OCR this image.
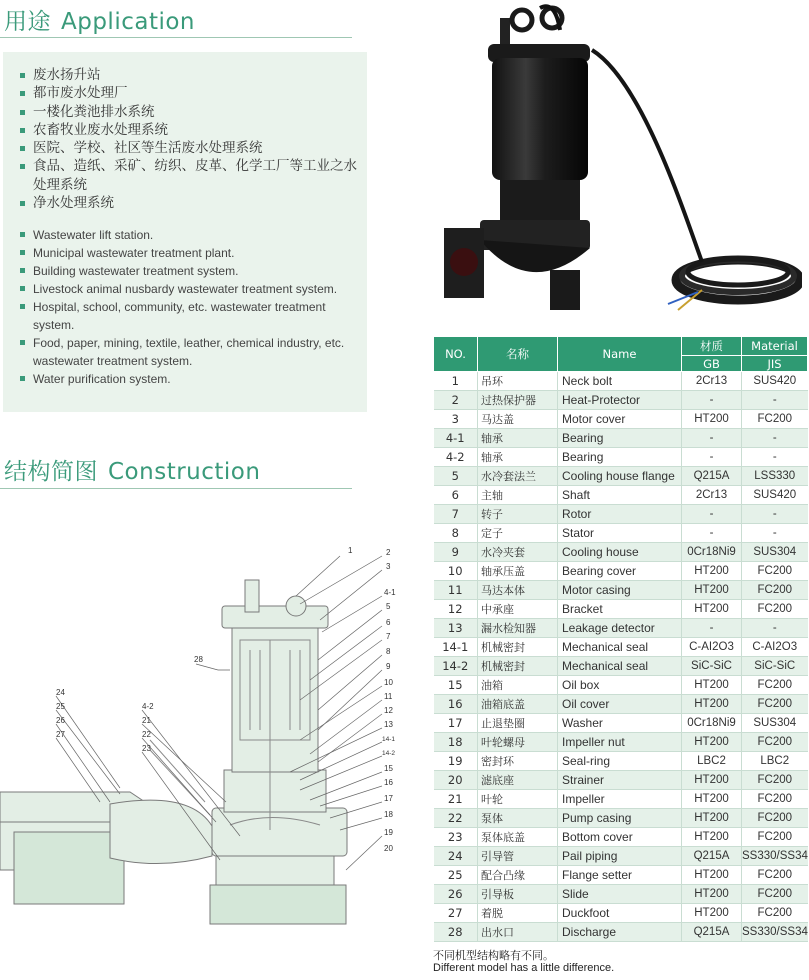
用途 Application
废水扬升站
都市废水处理厂
一楼化粪池排水系统
农畜牧业废水处理系统
医院、学校、社区等生活废水处理系统
食品、造纸、采矿、纺织、皮革、化学工厂等工业之水处理系统
净水处理系统
Wastewater lift station.
Municipal wastewater treatment plant.
Building wastewater treatment system.
Livestock animal nusbardy wastewater treatment system.
Hospital, school, community, etc. wastewater treatment system.
Food, paper, mining, textile, leather, chemical industry, etc. wastewater treatment system.
Water purification system.
结构简图 Construction
1	2
3
4-1
5
6
7
8
9
10
11
12
13
14-1
14-2
15
16
17
18
19
20
28
24
25
26
27
4-2
21
22
23
NO.	名称	Name	材质	Material
			GB	JIS
1	吊环	Neck bolt	2Cr13	SUS420
2	过热保护器	Heat-Protector	-	-
3	马达盖	Motor cover	HT200	FC200
4-1	轴承	Bearing	-	-
4-2	轴承	Bearing	-	-
5	水冷套法兰	Cooling house flange	Q215A	LSS330
6	主轴	Shaft	2Cr13	SUS420
7	转子	Rotor	-	-
8	定子	Stator	-	-
9	水冷夹套	Cooling house	0Cr18Ni9	SUS304
10	轴承压盖	Bearing cover	HT200	FC200
11	马达本体	Motor casing	HT200	FC200
12	中承座	Bracket	HT200	FC200
13	漏水检知器	Leakage detector	-	-
14-1	机械密封	Mechanical seal	C-AI2O3	C-AI2O3
14-2	机械密封	Mechanical seal	SiC-SiC	SiC-SiC
15	油箱	Oil box	HT200	FC200
16	油箱底盖	Oil cover	HT200	FC200
17	止退垫圈	Washer	0Cr18Ni9	SUS304
18	叶轮螺母	Impeller nut	HT200	FC200
19	密封环	Seal-ring	LBC2	LBC2
20	滤底座	Strainer	HT200	FC200
21	叶轮	Impeller	HT200	FC200
22	泵体	Pump casing	HT200	FC200
23	泵体底盖	Bottom cover	HT200	FC200
24	引导管	Pail piping	Q215A	SS330/SS34
25	配合凸缘	Flange setter	HT200	FC200
26	引导板	Slide	HT200	FC200
27	着脱	Duckfoot	HT200	FC200
28	出水口	Discharge	Q215A	SS330/SS34
不同机型结构略有不同。
Different model has a little difference.
